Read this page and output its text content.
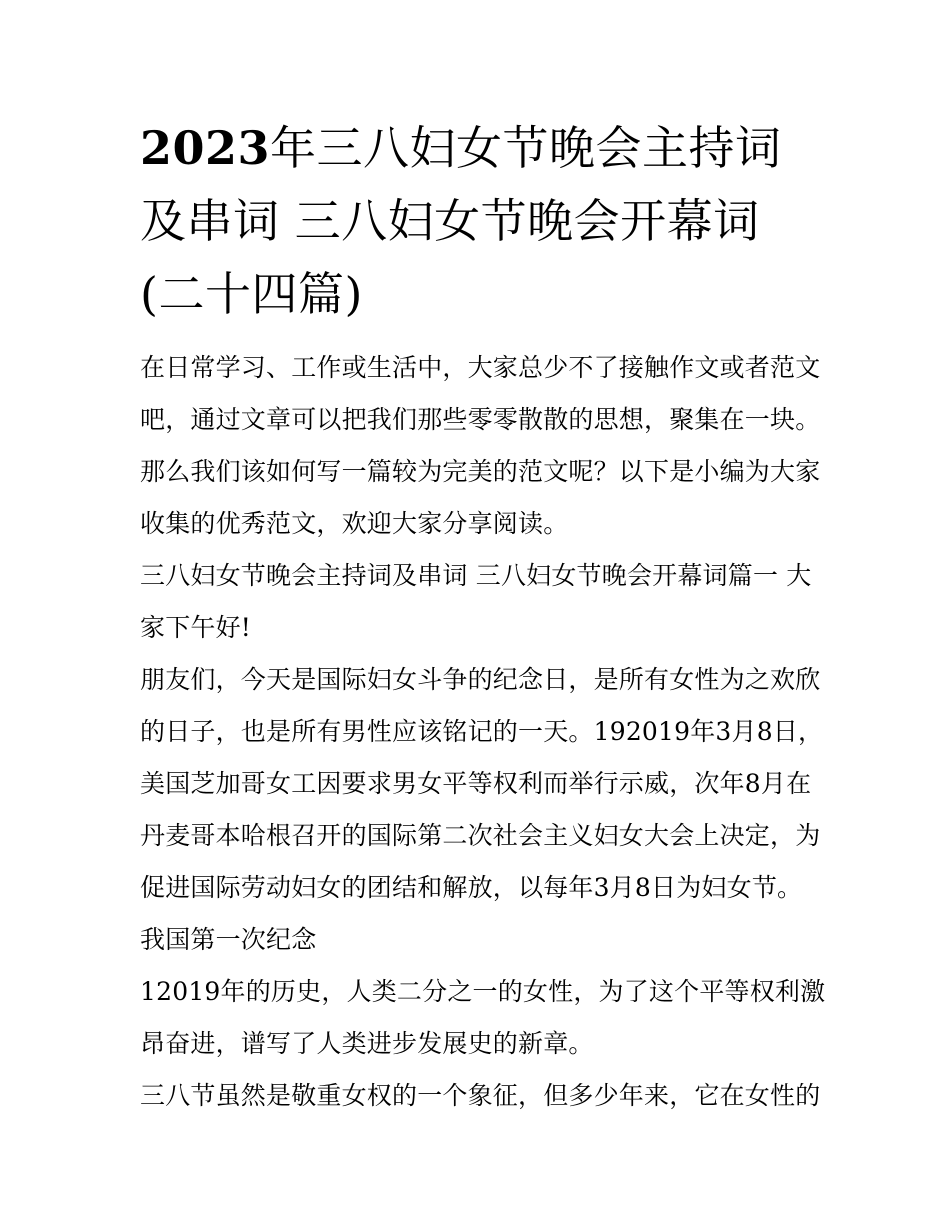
2023年三八妇女节晚会主持词
及串词 三八妇女节晚会开幕词
(二十四篇)
在日常学习、工作或生活中，大家总少不了接触作文或者范文
吧，通过文章可以把我们那些零零散散的思想，聚集在一块。
那么我们该如何写一篇较为完美的范文呢？以下是小编为大家
收集的优秀范文，欢迎大家分享阅读。
三八妇女节晚会主持词及串词 三八妇女节晚会开幕词篇一 大
家下午好!
朋友们，今天是国际妇女斗争的纪念日，是所有女性为之欢欣
的日子，也是所有男性应该铭记的一天。192019年3月8日，
美国芝加哥女工因要求男女平等权利而举行示威，次年8月在
丹麦哥本哈根召开的国际第二次社会主义妇女大会上决定，为
促进国际劳动妇女的团结和解放，以每年3月8日为妇女节。
我国第一次纪念
12019年的历史，人类二分之一的女性，为了这个平等权利激
昂奋进，谱写了人类进步发展史的新章。
三八节虽然是敬重女权的一个象征，但多少年来，它在女性的
